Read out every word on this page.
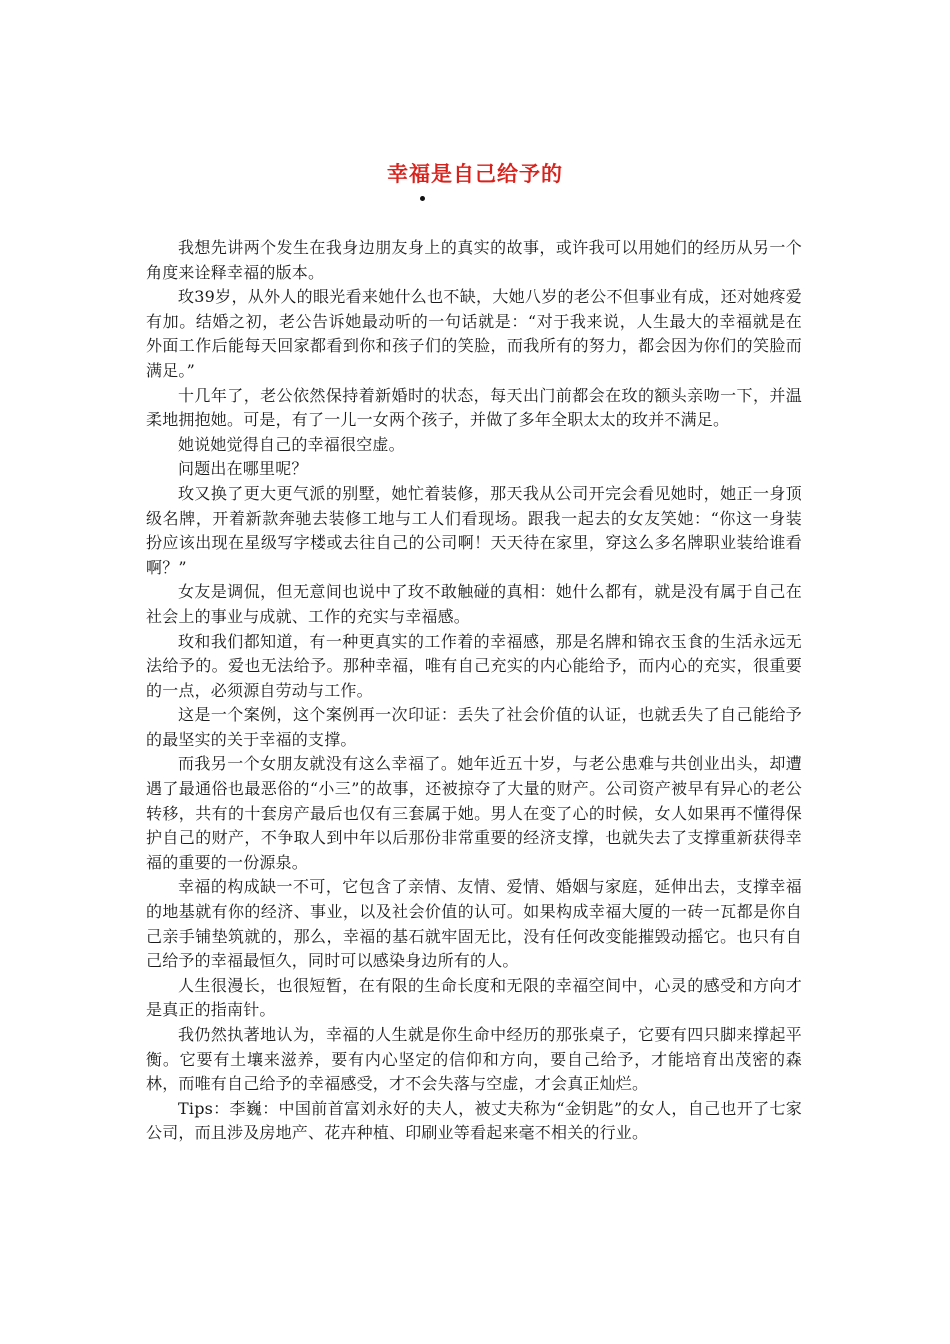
幸福是自己给予的

我想先讲两个发生在我身边朋友身上的真实的故事，或许我可以用她们的经历从另一个角度来诠释幸福的版本。

玫39岁，从外人的眼光看来她什么也不缺，大她八岁的老公不但事业有成，还对她疼爱有加。结婚之初，老公告诉她最动听的一句话就是：“对于我来说，人生最大的幸福就是在外面工作后能每天回家都看到你和孩子们的笑脸，而我所有的努力，都会因为你们的笑脸而满足。”

十几年了，老公依然保持着新婚时的状态，每天出门前都会在玫的额头亲吻一下，并温柔地拥抱她。可是，有了一儿一女两个孩子，并做了多年全职太太的玫并不满足。

她说她觉得自己的幸福很空虚。

问题出在哪里呢？

玫又换了更大更气派的别墅，她忙着装修，那天我从公司开完会看见她时，她正一身顶级名牌，开着新款奔驰去装修工地与工人们看现场。跟我一起去的女友笑她：“你这一身装扮应该出现在星级写字楼或去往自己的公司啊！天天待在家里，穿这么多名牌职业装给谁看啊？”

女友是调侃，但无意间也说中了玫不敢触碰的真相：她什么都有，就是没有属于自己在社会上的事业与成就、工作的充实与幸福感。

玫和我们都知道，有一种更真实的工作着的幸福感，那是名牌和锦衣玉食的生活永远无法给予的。爱也无法给予。那种幸福，唯有自己充实的内心能给予，而内心的充实，很重要的一点，必须源自劳动与工作。

这是一个案例，这个案例再一次印证：丢失了社会价值的认证，也就丢失了自己能给予的最坚实的关于幸福的支撑。

而我另一个女朋友就没有这么幸福了。她年近五十岁，与老公患难与共创业出头，却遭遇了最通俗也最恶俗的“小三”的故事，还被掠夺了大量的财产。公司资产被早有异心的老公转移，共有的十套房产最后也仅有三套属于她。男人在变了心的时候，女人如果再不懂得保护自己的财产，不争取人到中年以后那份非常重要的经济支撑，也就失去了支撑重新获得幸福的重要的一份源泉。

幸福的构成缺一不可，它包含了亲情、友情、爱情、婚姻与家庭，延伸出去，支撑幸福的地基就有你的经济、事业，以及社会价值的认可。如果构成幸福大厦的一砖一瓦都是你自己亲手铺垫筑就的，那么，幸福的基石就牢固无比，没有任何改变能摧毁动摇它。也只有自己给予的幸福最恒久，同时可以感染身边所有的人。

人生很漫长，也很短暂，在有限的生命长度和无限的幸福空间中，心灵的感受和方向才是真正的指南针。

我仍然执著地认为，幸福的人生就是你生命中经历的那张桌子，它要有四只脚来撑起平衡。它要有土壤来滋养，要有内心坚定的信仰和方向，要自己给予，才能培育出茂密的森林，而唯有自己给予的幸福感受，才不会失落与空虚，才会真正灿烂。

Tips：李巍：中国前首富刘永好的夫人，被丈夫称为“金钥匙”的女人，自己也开了七家公司，而且涉及房地产、花卉种植、印刷业等看起来毫不相关的行业。
